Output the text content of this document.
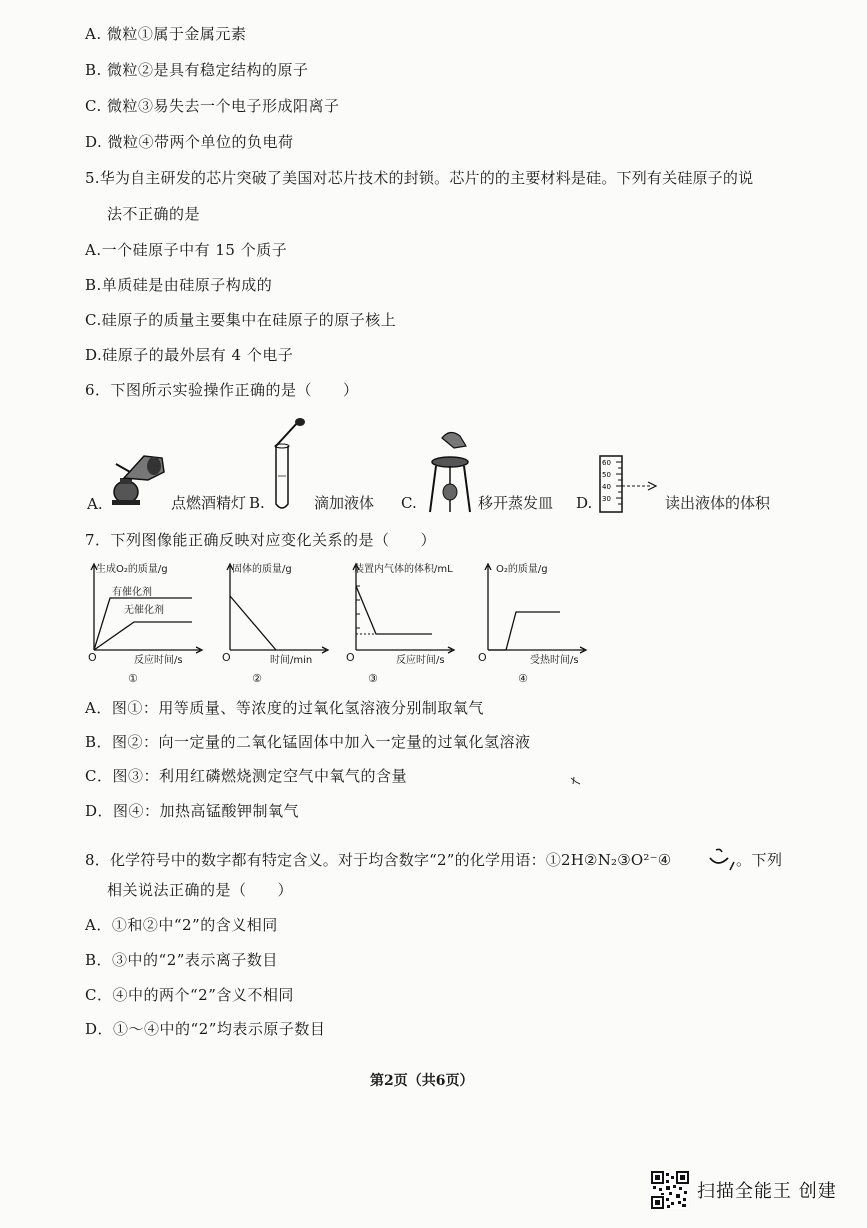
A. 微粒①属于金属元素
B. 微粒②是具有稳定结构的原子
C. 微粒③易失去一个电子形成阳离子
D. 微粒④带两个单位的负电荷
5.华为自主研发的芯片突破了美国对芯片技术的封锁。芯片的的主要材料是硅。下列有关硅原子的说
法不正确的是
A.一个硅原子中有 15 个质子
B.单质硅是由硅原子构成的
C.硅原子的质量主要集中在硅原子的原子核上
D.硅原子的最外层有 4 个电子
6．下图所示实验操作正确的是（　　）
A.	点燃酒精灯 B.	滴加液体 C.	移开蒸发皿 D.	读出液体的体积
60
50
40
30
7．下列图像能正确反映对应变化关系的是（　　）
生成O₂的质量/g
有催化剂
无催化剂
O	反应时间/s
①
固体的质量/g
O	时间/min
②
装置内气体的体积/mL
O	反应时间/s
③
O₂的质量/g
O	受热时间/s
④
A．图①：用等质量、等浓度的过氧化氢溶液分别制取氧气
B．图②：向一定量的二氧化锰固体中加入一定量的过氧化氢溶液
C．图③：利用红磷燃烧测定空气中氧气的含量
D．图④：加热高锰酸钾制氧气
8．化学符号中的数字都有特定含义。对于均含数字“2”的化学用语：①2H②N₂③O²⁻④	。下列
相关说法正确的是（　　）
A．①和②中“2”的含义相同
B．③中的“2”表示离子数目
C．④中的两个“2”含义不相同
D．①～④中的“2”均表示原子数目
第2页（共6页）
扫描全能王 创建
